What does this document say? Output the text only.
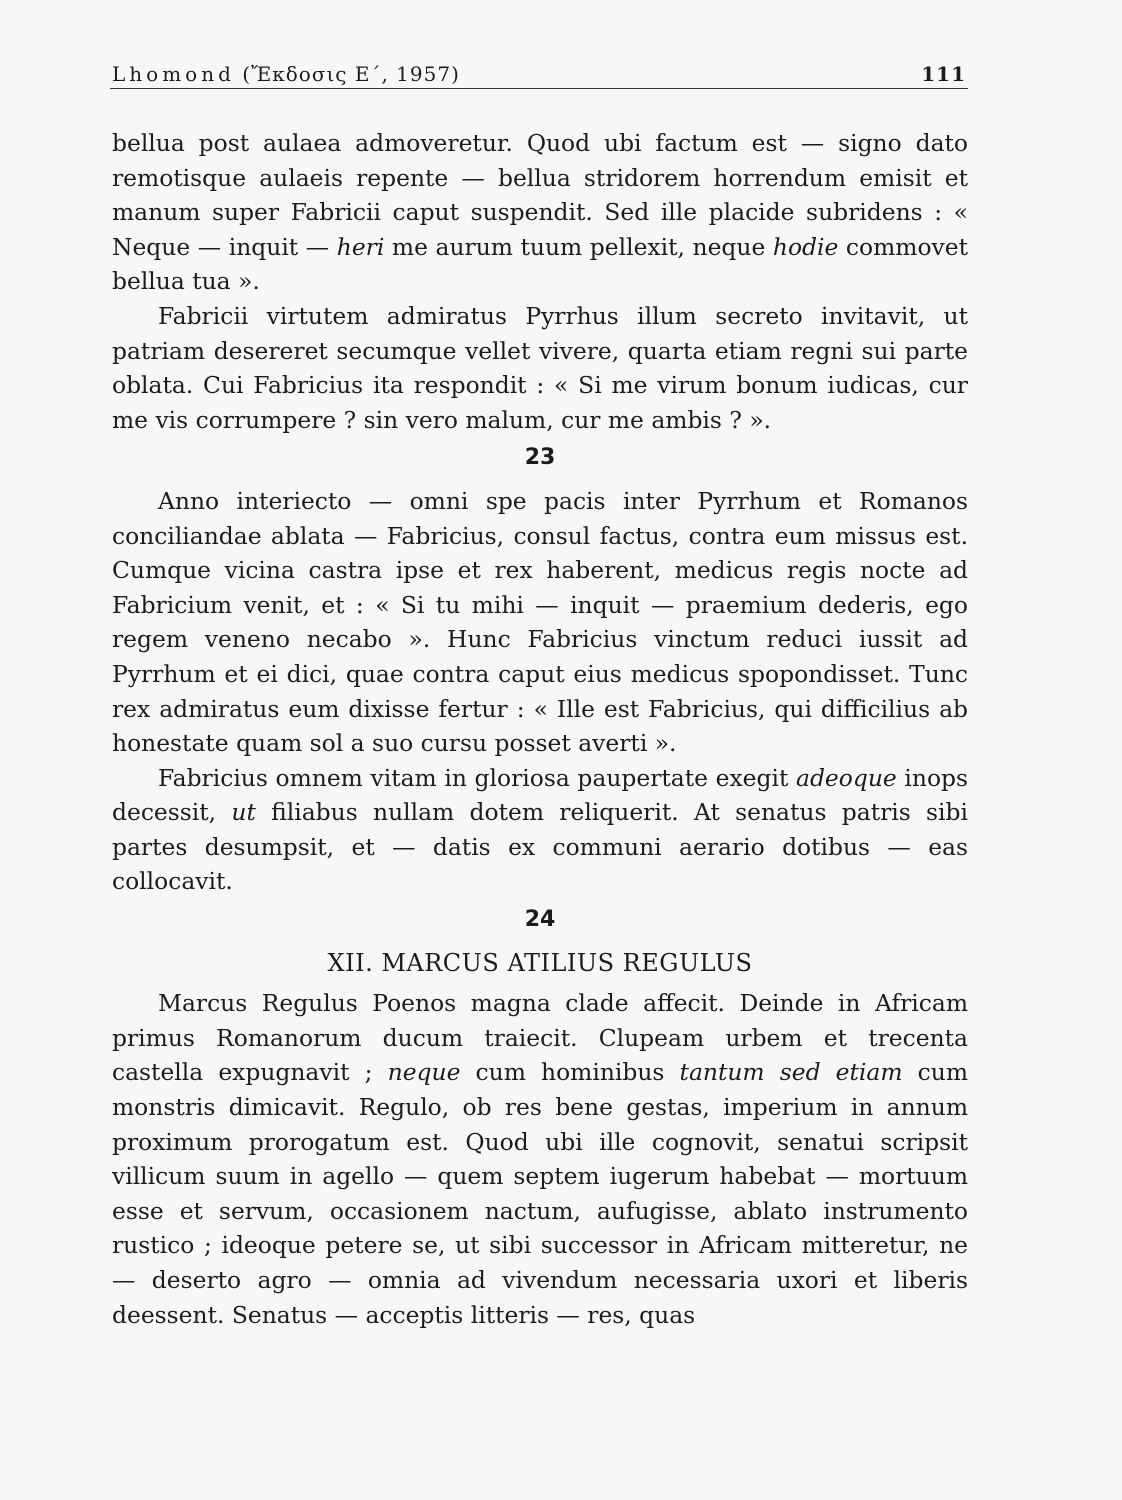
Lhomond (Ἔκδοσις Ε΄, 1957)	111

bellua post aulaea admoveretur. Quod ubi factum est — signo dato remotisque aulaeis repente — bellua stridorem horrendum emisit et manum super Fabricii caput suspendit. Sed ille placide subridens : « Neque — inquit — heri me aurum tuum pellexit, neque hodie commovet bellua tua ».

Fabricii virtutem admiratus Pyrrhus illum secreto invitavit, ut patriam desereret secumque vellet vivere, quarta etiam regni sui parte oblata. Cui Fabricius ita respondit : « Si me virum bonum iudicas, cur me vis corrumpere ? sin vero malum, cur me ambis ? ».

23

Anno interiecto — omni spe pacis inter Pyrrhum et Romanos conciliandae ablata — Fabricius, consul factus, contra eum missus est. Cumque vicina castra ipse et rex haberent, medicus regis nocte ad Fabricium venit, et : « Si tu mihi — inquit — praemium dederis, ego regem veneno necabo ». Hunc Fabricius vinctum reduci iussit ad Pyrrhum et ei dici, quae contra caput eius medicus spopondisset. Tunc rex admiratus eum dixisse fertur : « Ille est Fabricius, qui difficilius ab honestate quam sol a suo cursu posset averti ».

Fabricius omnem vitam in gloriosa paupertate exegit adeoque inops decessit, ut filiabus nullam dotem reliquerit. At senatus patris sibi partes desumpsit, et — datis ex communi aerario dotibus — eas collocavit.

24
XII. MARCUS ATILIUS REGULUS

Marcus Regulus Poenos magna clade affecit. Deinde in Africam primus Romanorum ducum traiecit. Clupeam urbem et trecenta castella expugnavit ; neque cum hominibus tantum sed etiam cum monstris dimicavit. Regulo, ob res bene gestas, imperium in annum proximum prorogatum est. Quod ubi ille cognovit, senatui scripsit villicum suum in agello — quem septem iugerum habebat — mortuum esse et servum, occasionem nactum, aufugisse, ablato instrumento rustico ; ideoque petere se, ut sibi successor in Africam mitteretur, ne — deserto agro — omnia ad vivendum necessaria uxori et liberis deessent. Senatus — acceptis litteris — res, quas
